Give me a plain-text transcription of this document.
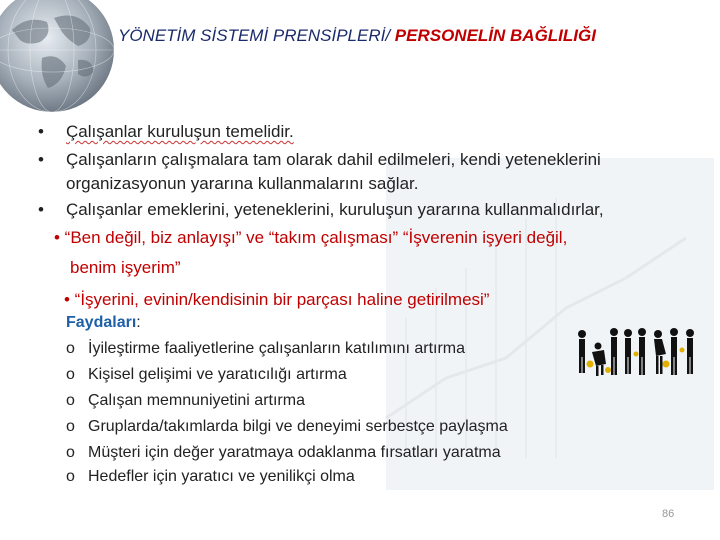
YÖNETİM SİSTEMİ PRENSİPLERİ/ PERSONELİN BAĞLILIĞI
• Çalışanlar kuruluşun temelidir.
• Çalışanların çalışmalara tam olarak dahil edilmeleri, kendi yeteneklerini
organizasyonun yararına kullanmalarını sağlar.
• Çalışanlar emeklerini, yeteneklerini, kuruluşun yararına kullanmalıdırlar,
• “Ben değil, biz anlayışı” ve “takım çalışması” “İşverenin işyeri değil,
benim işyerim”
• “İşyerini, evinin/kendisinin bir parçası haline getirilmesi”
Faydaları:
o İyileştirme faaliyetlerine çalışanların katılımını artırma
o Kişisel gelişimi ve yaratıcılığı artırma
o Çalışan memnuniyetini artırma
o Gruplarda/takımlarda bilgi ve deneyimi serbestçe paylaşma
o Müşteri için değer yaratmaya odaklanma fırsatları yaratma
o Hedefler için yaratıcı ve yenilikçi olma
86
